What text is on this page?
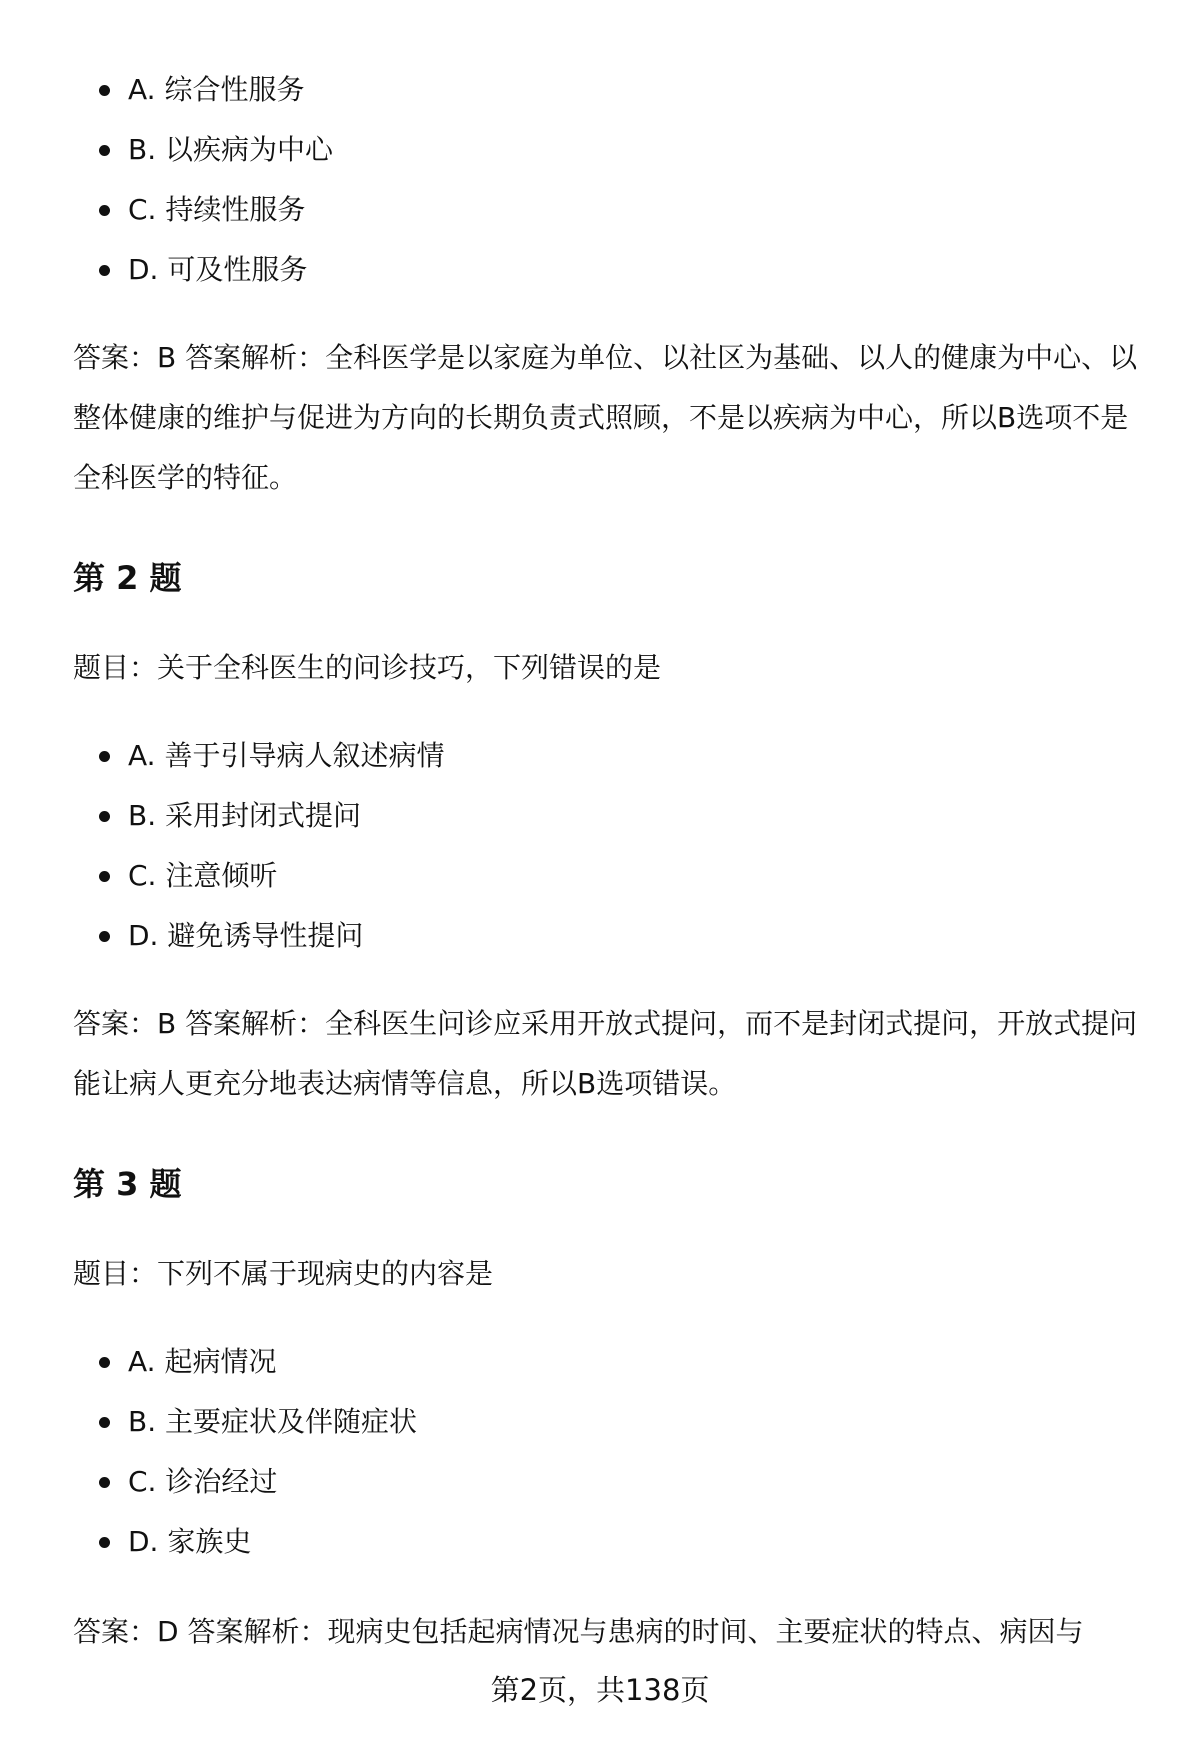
A. 综合性服务
B. 以疾病为中心
C. 持续性服务
D. 可及性服务

答案：B 答案解析：全科医学是以家庭为单位、以社区为基础、以人的健康为中心、以整体健康的维护与促进为方向的长期负责式照顾，不是以疾病为中心，所以B选项不是全科医学的特征。

第 2 题

题目：关于全科医生的问诊技巧，下列错误的是

A. 善于引导病人叙述病情
B. 采用封闭式提问
C. 注意倾听
D. 避免诱导性提问

答案：B 答案解析：全科医生问诊应采用开放式提问，而不是封闭式提问，开放式提问能让病人更充分地表达病情等信息，所以B选项错误。

第 3 题

题目：下列不属于现病史的内容是

A. 起病情况
B. 主要症状及伴随症状
C. 诊治经过
D. 家族史
答案：D 答案解析：现病史包括起病情况与患病的时间、主要症状的特点、病因与
第2页，共138页
